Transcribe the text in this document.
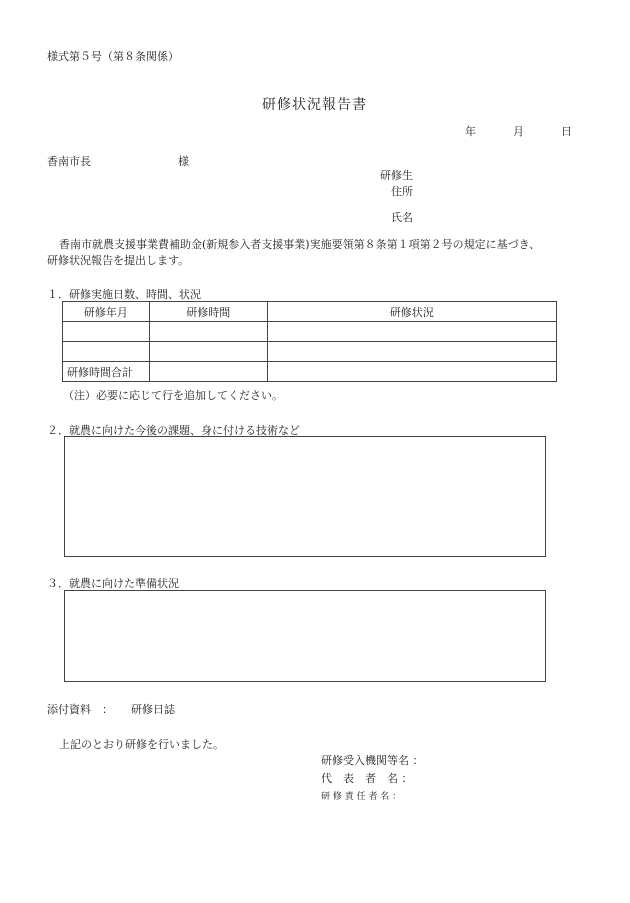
様式第５号（第８条関係）
研修状況報告書
年	月	日
香南市長	様
研修生
住所
氏名
香南市就農支援事業費補助金(新規参入者支援事業)実施要領第８条第１項第２号の規定に基づき、
研修状況報告を提出します。
１．研修実施日数、時間、状況
研修年月	研修時間	研修状況

研修時間合計		
（注）必要に応じて行を追加してください。
２．就農に向けた今後の課題、身に付ける技術など
３．就農に向けた準備状況
添付資料　： 研修日誌
上記のとおり研修を行いました。
研修受入機関等名 ：
代　表　者　名 ：
研 修 責 任 者 名 ：
